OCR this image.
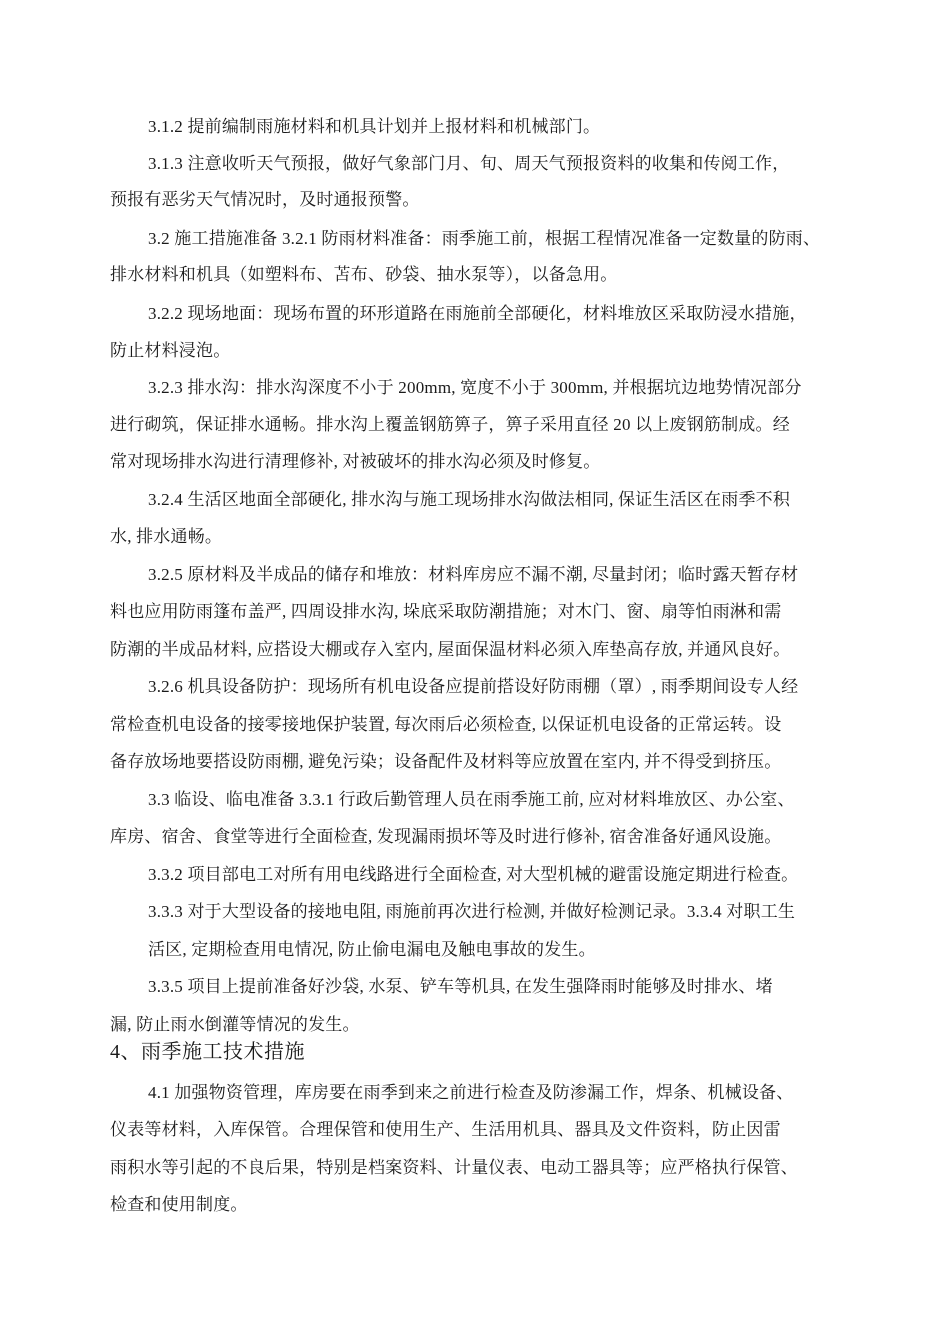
3.1.2 提前编制雨施材料和机具计划并上报材料和机械部门。
3.1.3 注意收听天气预报，做好气象部门月、旬、周天气预报资料的收集和传阅工作，
预报有恶劣天气情况时，及时通报预警。
3.2 施工措施准备 3.2.1 防雨材料准备：雨季施工前，根据工程情况准备一定数量的防雨、
排水材料和机具（如塑料布、苫布、砂袋、抽水泵等），以备急用。
3.2.2 现场地面：现场布置的环形道路在雨施前全部硬化，材料堆放区采取防浸水措施，
防止材料浸泡。
3.2.3 排水沟：排水沟深度不小于 200mm, 宽度不小于 300mm, 并根据坑边地势情况部分
进行砌筑，保证排水通畅。排水沟上覆盖钢筋箅子，箅子采用直径 20 以上废钢筋制成。经
常对现场排水沟进行清理修补, 对被破坏的排水沟必须及时修复。
3.2.4 生活区地面全部硬化, 排水沟与施工现场排水沟做法相同, 保证生活区在雨季不积
水, 排水通畅。
3.2.5 原材料及半成品的储存和堆放：材料库房应不漏不潮, 尽量封闭；临时露天暂存材
料也应用防雨篷布盖严, 四周设排水沟, 垛底采取防潮措施；对木门、窗、扇等怕雨淋和需
防潮的半成品材料, 应搭设大棚或存入室内, 屋面保温材料必须入库垫高存放, 并通风良好。
3.2.6 机具设备防护：现场所有机电设备应提前搭设好防雨棚（罩）, 雨季期间设专人经
常检查机电设备的接零接地保护装置, 每次雨后必须检查, 以保证机电设备的正常运转。设
备存放场地要搭设防雨棚, 避免污染；设备配件及材料等应放置在室内, 并不得受到挤压。
3.3 临设、临电准备 3.3.1 行政后勤管理人员在雨季施工前, 应对材料堆放区、办公室、
库房、宿舍、食堂等进行全面检查, 发现漏雨损坏等及时进行修补, 宿舍准备好通风设施。
3.3.2 项目部电工对所有用电线路进行全面检查, 对大型机械的避雷设施定期进行检查。
3.3.3 对于大型设备的接地电阻, 雨施前再次进行检测, 并做好检测记录。3.3.4 对职工生
活区, 定期检查用电情况, 防止偷电漏电及触电事故的发生。
3.3.5 项目上提前准备好沙袋, 水泵、铲车等机具, 在发生强降雨时能够及时排水、堵
漏, 防止雨水倒灌等情况的发生。
4、雨季施工技术措施
4.1 加强物资管理，库房要在雨季到来之前进行检查及防渗漏工作，焊条、机械设备、
仪表等材料，入库保管。合理保管和使用生产、生活用机具、器具及文件资料，防止因雷
雨积水等引起的不良后果，特别是档案资料、计量仪表、电动工器具等；应严格执行保管、
检查和使用制度。
